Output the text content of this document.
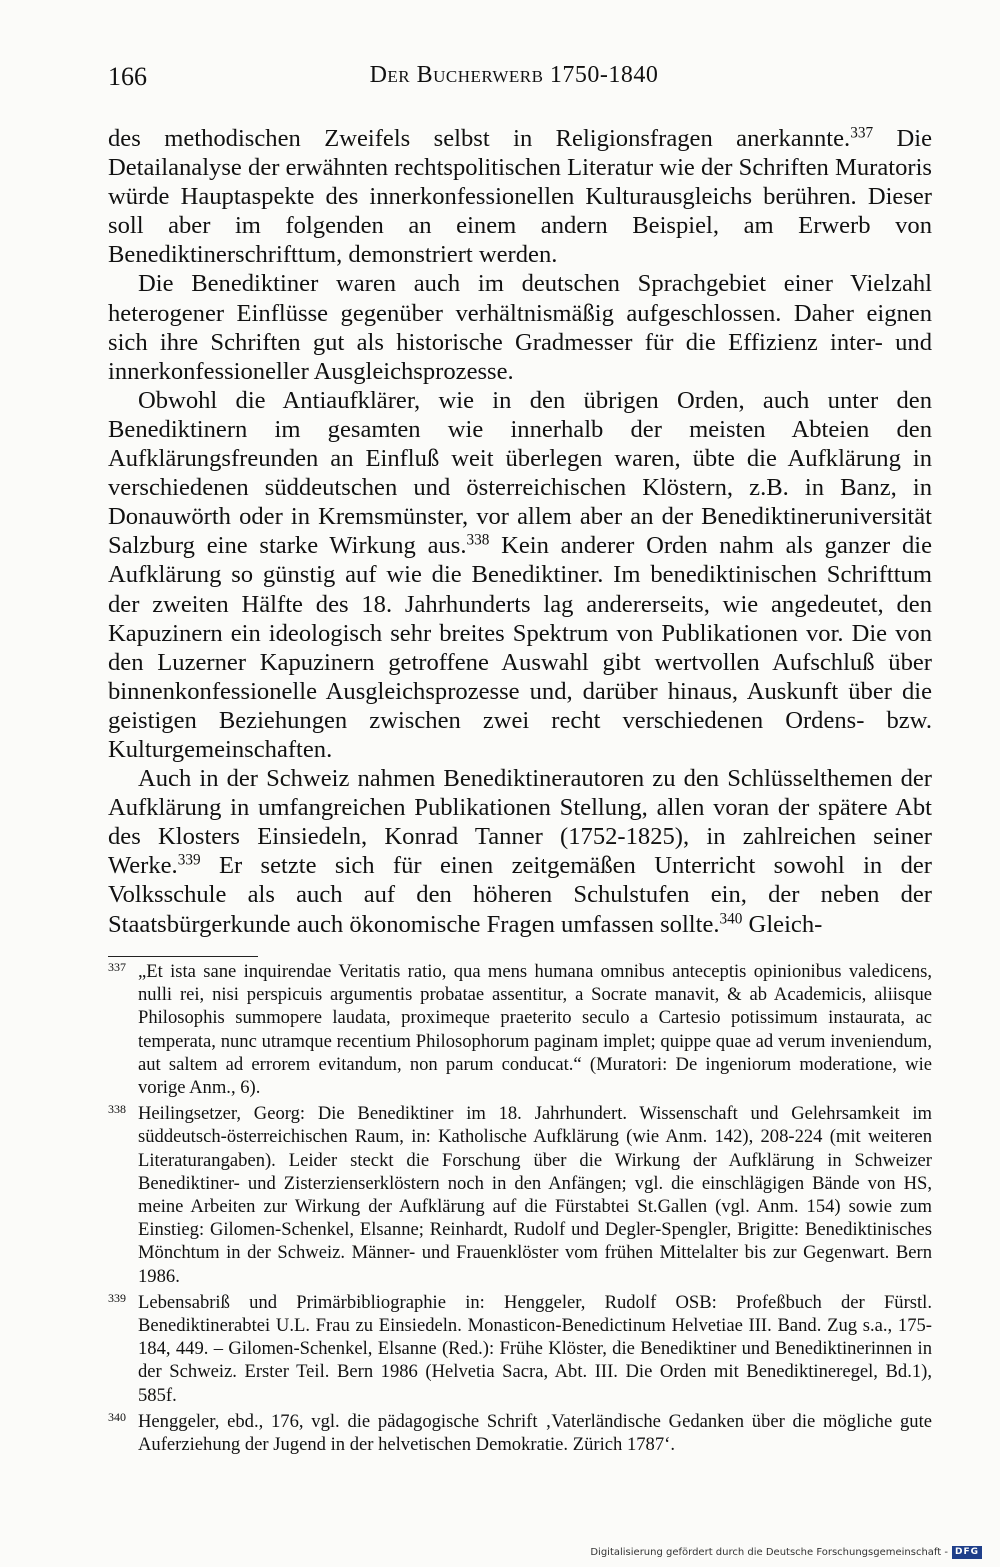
166	Der Bucherwerb 1750-1840

des methodischen Zweifels selbst in Religionsfragen anerkannte.$^{337}$ Die Detailanalyse der erwähnten rechtspolitischen Literatur wie der Schriften Muratoris würde Hauptaspekte des innerkonfessionellen Kulturausgleichs berühren. Dieser soll aber im folgenden an einem andern Beispiel, am Erwerb von Benediktinerschrifttum, demonstriert werden.

Die Benediktiner waren auch im deutschen Sprachgebiet einer Vielzahl heterogener Einflüsse gegenüber verhältnismäßig aufgeschlossen. Daher eignen sich ihre Schriften gut als historische Gradmesser für die Effizienz inter- und innerkonfessioneller Ausgleichsprozesse.

Obwohl die Antiaufklärer, wie in den übrigen Orden, auch unter den Benediktinern im gesamten wie innerhalb der meisten Abteien den Aufklärungsfreunden an Einfluß weit überlegen waren, übte die Aufklärung in verschiedenen süddeutschen und österreichischen Klöstern, z.B. in Banz, in Donauwörth oder in Kremsmünster, vor allem aber an der Benediktineruniversität Salzburg eine starke Wirkung aus.$^{338}$ Kein anderer Orden nahm als ganzer die Aufklärung so günstig auf wie die Benediktiner. Im benediktinischen Schrifttum der zweiten Hälfte des 18. Jahrhunderts lag andererseits, wie angedeutet, den Kapuzinern ein ideologisch sehr breites Spektrum von Publikationen vor. Die von den Luzerner Kapuzinern getroffene Auswahl gibt wertvollen Aufschluß über binnenkonfessionelle Ausgleichsprozesse und, darüber hinaus, Auskunft über die geistigen Beziehungen zwischen zwei recht verschiedenen Ordens- bzw. Kulturgemeinschaften.

Auch in der Schweiz nahmen Benediktinerautoren zu den Schlüsselthemen der Aufklärung in umfangreichen Publikationen Stellung, allen voran der spätere Abt des Klosters Einsiedeln, Konrad Tanner (1752-1825), in zahlreichen seiner Werke.$^{339}$ Er setzte sich für einen zeitgemäßen Unterricht sowohl in der Volksschule als auch auf den höheren Schulstufen ein, der neben der Staatsbürgerkunde auch ökonomische Fragen umfassen sollte.$^{340}$ Gleich-

337 „Et ista sane inquirendae Veritatis ratio, qua mens humana omnibus anteceptis opinionibus valedicens, nulli rei, nisi perspicuis argumentis probatae assentitur, a Socrate manavit, & ab Academicis, aliisque Philosophis summopere laudata, proximeque praeterito seculo a Cartesio potissimum instaurata, ac temperata, nunc utramque recentium Philosophorum paginam implet; quippe quae ad verum inveniendum, aut saltem ad errorem evitandum, non parum conducat.“ (Muratori: De ingeniorum moderatione, wie vorige Anm., 6).
338 Heilingsetzer, Georg: Die Benediktiner im 18. Jahrhundert. Wissenschaft und Gelehrsamkeit im süddeutsch-österreichischen Raum, in: Katholische Aufklärung (wie Anm. 142), 208-224 (mit weiteren Literaturangaben). Leider steckt die Forschung über die Wirkung der Aufklärung in Schweizer Benediktiner- und Zisterzienserklöstern noch in den Anfängen; vgl. die einschlägigen Bände von HS, meine Arbeiten zur Wirkung der Aufklärung auf die Fürstabtei St.Gallen (vgl. Anm. 154) sowie zum Einstieg: Gilomen-Schenkel, Elsanne; Reinhardt, Rudolf und Degler-Spengler, Brigitte: Benediktinisches Mönchtum in der Schweiz. Männer- und Frauenklöster vom frühen Mittelalter bis zur Gegenwart. Bern 1986.
339 Lebensabriß und Primärbibliographie in: Henggeler, Rudolf OSB: Profeßbuch der Fürstl. Benediktinerabtei U.L. Frau zu Einsiedeln. Monasticon-Benedictinum Helvetiae III. Band. Zug s.a., 175-184, 449. – Gilomen-Schenkel, Elsanne (Red.): Frühe Klöster, die Benediktiner und Benediktinerinnen in der Schweiz. Erster Teil. Bern 1986 (Helvetia Sacra, Abt. III. Die Orden mit Benediktineregel, Bd.1), 585f.
340 Henggeler, ebd., 176, vgl. die pädagogische Schrift ‚Vaterländische Gedanken über die mögliche gute Auferziehung der Jugend in der helvetischen Demokratie. Zürich 1787‘.
Digitalisierung gefördert durch die Deutsche Forschungsgemeinschaft - DFG
